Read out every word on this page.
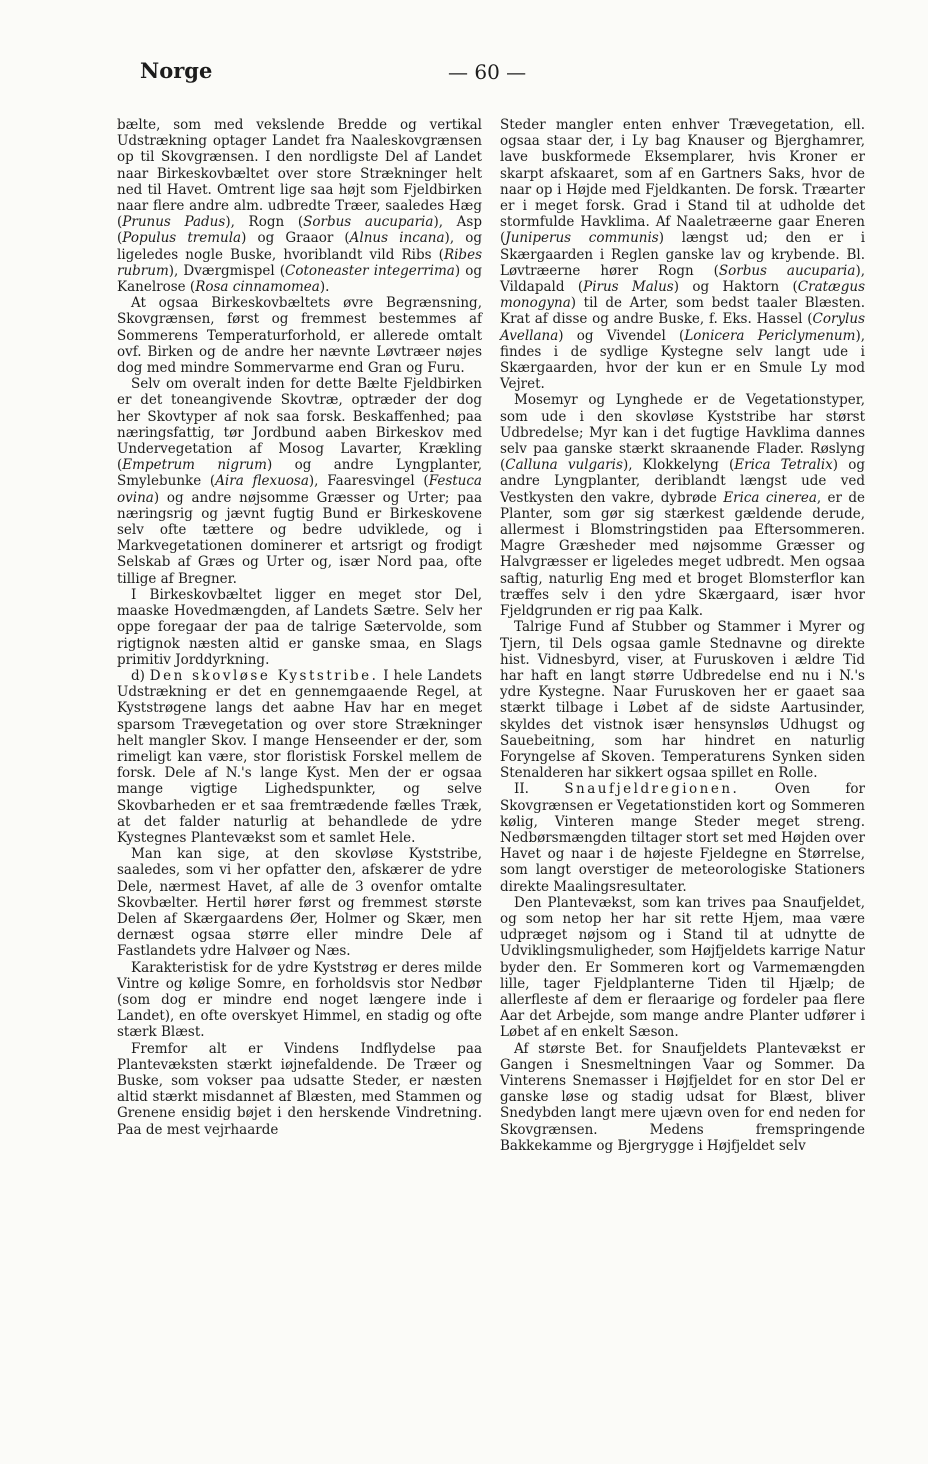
Norge	— 60 —

bælte, som med vekslende Bredde og vertikal Udstrækning optager Landet fra Naaleskovgrænsen op til Skovgrænsen. I den nordligste Del af Landet naar Birkeskovbæltet over store Strækninger helt ned til Havet. Omtrent lige saa højt som Fjeldbirken naar flere andre alm. udbredte Træer, saaledes Hæg (Prunus Padus), Rogn (Sorbus aucuparia), Asp (Populus tremula) og Graaor (Alnus incana), og ligeledes nogle Buske, hvoriblandt vild Ribs (Ribes rubrum), Dværgmispel (Cotoneaster integerrima) og Kanelrose (Rosa cinnamomea).

At ogsaa Birkeskovbæltets øvre Begrænsning, Skovgrænsen, først og fremmest bestemmes af Sommerens Temperaturforhold, er allerede omtalt ovf. Birken og de andre her nævnte Løvtræer nøjes dog med mindre Sommervarme end Gran og Furu.

Selv om overalt inden for dette Bælte Fjeldbirken er det toneangivende Skovtræ, optræder der dog her Skovtyper af nok saa forsk. Beskaffenhed; paa næringsfattig, tør Jordbund aaben Birkeskov med Undervegetation af Mosog Lavarter, Krækling (Empetrum nigrum) og andre Lyngplanter, Smylebunke (Aira flexuosa), Faaresvingel (Festuca ovina) og andre nøjsomme Græsser og Urter; paa næringsrig og jævnt fugtig Bund er Birkeskovene selv ofte tættere og bedre udviklede, og i Markvegetationen dominerer et artsrigt og frodigt Selskab af Græs og Urter og, især Nord paa, ofte tillige af Bregner.

I Birkeskovbæltet ligger en meget stor Del, maaske Hovedmængden, af Landets Sætre. Selv her oppe foregaar der paa de talrige Sætervolde, som rigtignok næsten altid er ganske smaa, en Slags primitiv Jorddyrkning.

d) Den skovløse Kyststribe. I hele Landets Udstrækning er det en gennemgaaende Regel, at Kyststrøgene langs det aabne Hav har en meget sparsom Trævegetation og over store Strækninger helt mangler Skov. I mange Henseender er der, som rimeligt kan være, stor floristisk Forskel mellem de forsk. Dele af N.'s lange Kyst. Men der er ogsaa mange vigtige Lighedspunkter, og selve Skovbarheden er et saa fremtrædende fælles Træk, at det falder naturlig at behandlede de ydre Kystegnes Plantevækst som et samlet Hele.

Man kan sige, at den skovløse Kyststribe, saaledes, som vi her opfatter den, afskærer de ydre Dele, nærmest Havet, af alle de 3 ovenfor omtalte Skovbælter. Hertil hører først og fremmest største Delen af Skærgaardens Øer, Holmer og Skær, men dernæst ogsaa større eller mindre Dele af Fastlandets ydre Halvøer og Næs.

Karakteristisk for de ydre Kyststrøg er deres milde Vintre og kølige Somre, en forholdsvis stor Nedbør (som dog er mindre end noget længere inde i Landet), en ofte overskyet Himmel, en stadig og ofte stærk Blæst.

Fremfor alt er Vindens Indflydelse paa Plantevæksten stærkt iøjnefaldende. De Træer og Buske, som vokser paa udsatte Steder, er næsten altid stærkt misdannet af Blæsten, med Stammen og Grenene ensidig bøjet i den herskende Vindretning. Paa de mest vejrhaarde

Steder mangler enten enhver Trævegetation, ell. ogsaa staar der, i Ly bag Knauser og Bjerghamrer, lave buskformede Eksemplarer, hvis Kroner er skarpt afskaaret, som af en Gartners Saks, hvor de naar op i Højde med Fjeldkanten. De forsk. Træarter er i meget forsk. Grad i Stand til at udholde det stormfulde Havklima. Af Naaletræerne gaar Eneren (Juniperus communis) længst ud; den er i Skærgaarden i Reglen ganske lav og krybende. Bl. Løvtræerne hører Rogn (Sorbus aucuparia), Vildapald (Pirus Malus) og Haktorn (Cratægus monogyna) til de Arter, som bedst taaler Blæsten. Krat af disse og andre Buske, f. Eks. Hassel (Corylus Avellana) og Vivendel (Lonicera Periclymenum), findes i de sydlige Kystegne selv langt ude i Skærgaarden, hvor der kun er en Smule Ly mod Vejret.

Mosemyr og Lynghede er de Vegetationstyper, som ude i den skovløse Kyststribe har størst Udbredelse; Myr kan i det fugtige Havklima dannes selv paa ganske stærkt skraanende Flader. Røslyng (Calluna vulgaris), Klokkelyng (Erica Tetralix) og andre Lyngplanter, deriblandt længst ude ved Vestkysten den vakre, dybrøde Erica cinerea, er de Planter, som gør sig stærkest gældende derude, allermest i Blomstringstiden paa Eftersommeren. Magre Græsheder med nøjsomme Græsser og Halvgræsser er ligeledes meget udbredt. Men ogsaa saftig, naturlig Eng med et broget Blomsterflor kan træffes selv i den ydre Skærgaard, især hvor Fjeldgrunden er rig paa Kalk.

Talrige Fund af Stubber og Stammer i Myrer og Tjern, til Dels ogsaa gamle Stednavne og direkte hist. Vidnesbyrd, viser, at Furuskoven i ældre Tid har haft en langt større Udbredelse end nu i N.'s ydre Kystegne. Naar Furuskoven her er gaaet saa stærkt tilbage i Løbet af de sidste Aartusinder, skyldes det vistnok især hensynsløs Udhugst og Sauebeitning, som har hindret en naturlig Foryngelse af Skoven. Temperaturens Synken siden Stenalderen har sikkert ogsaa spillet en Rolle.

II. Snaufjeldregionen. Oven for Skovgrænsen er Vegetationstiden kort og Sommeren kølig, Vinteren mange Steder meget streng. Nedbørsmængden tiltager stort set med Højden over Havet og naar i de højeste Fjeldegne en Størrelse, som langt overstiger de meteorologiske Stationers direkte Maalingsresultater.

Den Plantevækst, som kan trives paa Snaufjeldet, og som netop her har sit rette Hjem, maa være udpræget nøjsom og i Stand til at udnytte de Udviklingsmuligheder, som Højfjeldets karrige Natur byder den. Er Sommeren kort og Varmemængden lille, tager Fjeldplanterne Tiden til Hjælp; de allerfleste af dem er fleraarige og fordeler paa flere Aar det Arbejde, som mange andre Planter udfører i Løbet af en enkelt Sæson.

Af største Bet. for Snaufjeldets Plantevækst er Gangen i Snesmeltningen Vaar og Sommer. Da Vinterens Snemasser i Højfjeldet for en stor Del er ganske løse og stadig udsat for Blæst, bliver Snedybden langt mere ujævn oven for end neden for Skovgrænsen. Medens fremspringende Bakkekamme og Bjergrygge i Højfjeldet selv
